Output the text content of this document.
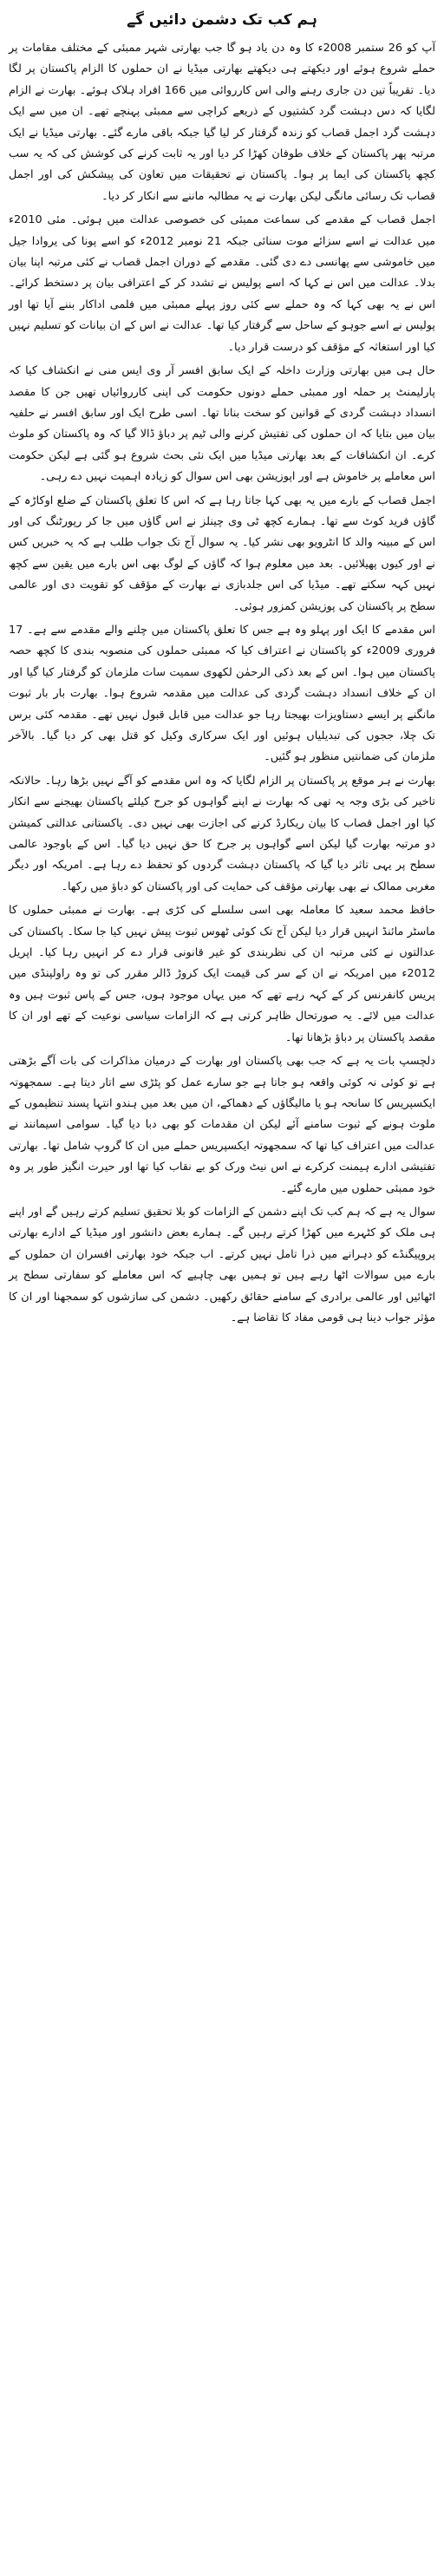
ہم کب تک دشمن دائیں گے

آپ کو 26 ستمبر 2008ء کا وہ دن یاد ہو گا جب بھارتی شہر ممبئی کے مختلف مقامات پر حملے شروع ہوئے اور دیکھتے ہی دیکھتے بھارتی میڈیا نے ان حملوں کا الزام پاکستان پر لگا دیا۔ تقریباً تین دن جاری رہنے والی اس کارروائی میں 166 افراد ہلاک ہوئے۔ بھارت نے الزام لگایا کہ دس دہشت گرد کشتیوں کے ذریعے کراچی سے ممبئی پہنچے تھے۔ ان میں سے ایک دہشت گرد اجمل قصاب کو زندہ گرفتار کر لیا گیا جبکہ باقی مارے گئے۔ بھارتی میڈیا نے ایک مرتبہ پھر پاکستان کے خلاف طوفان کھڑا کر دیا اور یہ ثابت کرنے کی کوشش کی کہ یہ سب کچھ پاکستان کی ایما پر ہوا۔ پاکستان نے تحقیقات میں تعاون کی پیشکش کی اور اجمل قصاب تک رسائی مانگی لیکن بھارت نے یہ مطالبہ ماننے سے انکار کر دیا۔

اجمل قصاب کے مقدمے کی سماعت ممبئی کی خصوصی عدالت میں ہوئی۔ مئی 2010ء میں عدالت نے اسے سزائے موت سنائی جبکہ 21 نومبر 2012ء کو اسے پونا کی یروادا جیل میں خاموشی سے پھانسی دے دی گئی۔ مقدمے کے دوران اجمل قصاب نے کئی مرتبہ اپنا بیان بدلا۔ عدالت میں اس نے کہا کہ اسے پولیس نے تشدد کر کے اعترافی بیان پر دستخط کرائے۔ اس نے یہ بھی کہا کہ وہ حملے سے کئی روز پہلے ممبئی میں فلمی اداکار بننے آیا تھا اور پولیس نے اسے جوہو کے ساحل سے گرفتار کیا تھا۔ عدالت نے اس کے ان بیانات کو تسلیم نہیں کیا اور استغاثہ کے مؤقف کو درست قرار دیا۔

حال ہی میں بھارتی وزارت داخلہ کے ایک سابق افسر آر وی ایس منی نے انکشاف کیا کہ پارلیمنٹ پر حملہ اور ممبئی حملے دونوں حکومت کی اپنی کارروائیاں تھیں جن کا مقصد انسداد دہشت گردی کے قوانین کو سخت بنانا تھا۔ اسی طرح ایک اور سابق افسر نے حلفیہ بیان میں بتایا کہ ان حملوں کی تفتیش کرنے والی ٹیم پر دباؤ ڈالا گیا کہ وہ پاکستان کو ملوث کرے۔ ان انکشافات کے بعد بھارتی میڈیا میں ایک نئی بحث شروع ہو گئی ہے لیکن حکومت اس معاملے پر خاموش ہے اور اپوزیشن بھی اس سوال کو زیادہ اہمیت نہیں دے رہی۔

اجمل قصاب کے بارے میں یہ بھی کہا جاتا رہا ہے کہ اس کا تعلق پاکستان کے ضلع اوکاڑہ کے گاؤں فرید کوٹ سے تھا۔ ہمارے کچھ ٹی وی چینلز نے اس گاؤں میں جا کر رپورٹنگ کی اور اس کے مبینہ والد کا انٹرویو بھی نشر کیا۔ یہ سوال آج تک جواب طلب ہے کہ یہ خبریں کس نے اور کیوں پھیلائیں۔ بعد میں معلوم ہوا کہ گاؤں کے لوگ بھی اس بارے میں یقین سے کچھ نہیں کہہ سکتے تھے۔ میڈیا کی اس جلدبازی نے بھارت کے مؤقف کو تقویت دی اور عالمی سطح پر پاکستان کی پوزیشن کمزور ہوئی۔

اس مقدمے کا ایک اور پہلو وہ ہے جس کا تعلق پاکستان میں چلنے والے مقدمے سے ہے۔ 17 فروری 2009ء کو پاکستان نے اعتراف کیا کہ ممبئی حملوں کی منصوبہ بندی کا کچھ حصہ پاکستان میں ہوا۔ اس کے بعد ذکی الرحمٰن لکھوی سمیت سات ملزمان کو گرفتار کیا گیا اور ان کے خلاف انسداد دہشت گردی کی عدالت میں مقدمہ شروع ہوا۔ بھارت بار بار ثبوت مانگنے پر ایسے دستاویزات بھیجتا رہا جو عدالت میں قابل قبول نہیں تھے۔ مقدمہ کئی برس تک چلا، ججوں کی تبدیلیاں ہوئیں اور ایک سرکاری وکیل کو قتل بھی کر دیا گیا۔ بالآخر ملزمان کی ضمانتیں منظور ہو گئیں۔

بھارت نے ہر موقع پر پاکستان پر الزام لگایا کہ وہ اس مقدمے کو آگے نہیں بڑھا رہا۔ حالانکہ تاخیر کی بڑی وجہ یہ تھی کہ بھارت نے اپنے گواہوں کو جرح کیلئے پاکستان بھیجنے سے انکار کیا اور اجمل قصاب کا بیان ریکارڈ کرنے کی اجازت بھی نہیں دی۔ پاکستانی عدالتی کمیشن دو مرتبہ بھارت گیا لیکن اسے گواہوں پر جرح کا حق نہیں دیا گیا۔ اس کے باوجود عالمی سطح پر یہی تاثر دیا گیا کہ پاکستان دہشت گردوں کو تحفظ دے رہا ہے۔ امریکہ اور دیگر مغربی ممالک نے بھی بھارتی مؤقف کی حمایت کی اور پاکستان کو دباؤ میں رکھا۔

حافظ محمد سعید کا معاملہ بھی اسی سلسلے کی کڑی ہے۔ بھارت نے ممبئی حملوں کا ماسٹر مائنڈ انہیں قرار دیا لیکن آج تک کوئی ٹھوس ثبوت پیش نہیں کیا جا سکا۔ پاکستان کی عدالتوں نے کئی مرتبہ ان کی نظربندی کو غیر قانونی قرار دے کر انہیں رہا کیا۔ اپریل 2012ء میں امریکہ نے ان کے سر کی قیمت ایک کروڑ ڈالر مقرر کی تو وہ راولپنڈی میں پریس کانفرنس کر کے کہہ رہے تھے کہ میں یہاں موجود ہوں، جس کے پاس ثبوت ہیں وہ عدالت میں لائے۔ یہ صورتحال ظاہر کرتی ہے کہ الزامات سیاسی نوعیت کے تھے اور ان کا مقصد پاکستان پر دباؤ بڑھانا تھا۔

دلچسپ بات یہ ہے کہ جب بھی پاکستان اور بھارت کے درمیان مذاکرات کی بات آگے بڑھتی ہے تو کوئی نہ کوئی واقعہ ہو جاتا ہے جو سارے عمل کو پٹڑی سے اتار دیتا ہے۔ سمجھوتہ ایکسپریس کا سانحہ ہو یا مالیگاؤں کے دھماکے، ان میں بعد میں ہندو انتہا پسند تنظیموں کے ملوث ہونے کے ثبوت سامنے آئے لیکن ان مقدمات کو بھی دبا دیا گیا۔ سوامی اسیمانند نے عدالت میں اعتراف کیا تھا کہ سمجھوتہ ایکسپریس حملے میں ان کا گروپ شامل تھا۔ بھارتی تفتیشی ادارے ہیمنت کرکرے نے اس نیٹ ورک کو بے نقاب کیا تھا اور حیرت انگیز طور پر وہ خود ممبئی حملوں میں مارے گئے۔

سوال یہ ہے کہ ہم کب تک اپنے دشمن کے الزامات کو بلا تحقیق تسلیم کرتے رہیں گے اور اپنے ہی ملک کو کٹہرے میں کھڑا کرتے رہیں گے۔ ہمارے بعض دانشور اور میڈیا کے ادارے بھارتی پروپیگنڈے کو دہرانے میں ذرا تامل نہیں کرتے۔ اب جبکہ خود بھارتی افسران ان حملوں کے بارے میں سوالات اٹھا رہے ہیں تو ہمیں بھی چاہیے کہ اس معاملے کو سفارتی سطح پر اٹھائیں اور عالمی برادری کے سامنے حقائق رکھیں۔ دشمن کی سازشوں کو سمجھنا اور ان کا مؤثر جواب دینا ہی قومی مفاد کا تقاضا ہے۔
